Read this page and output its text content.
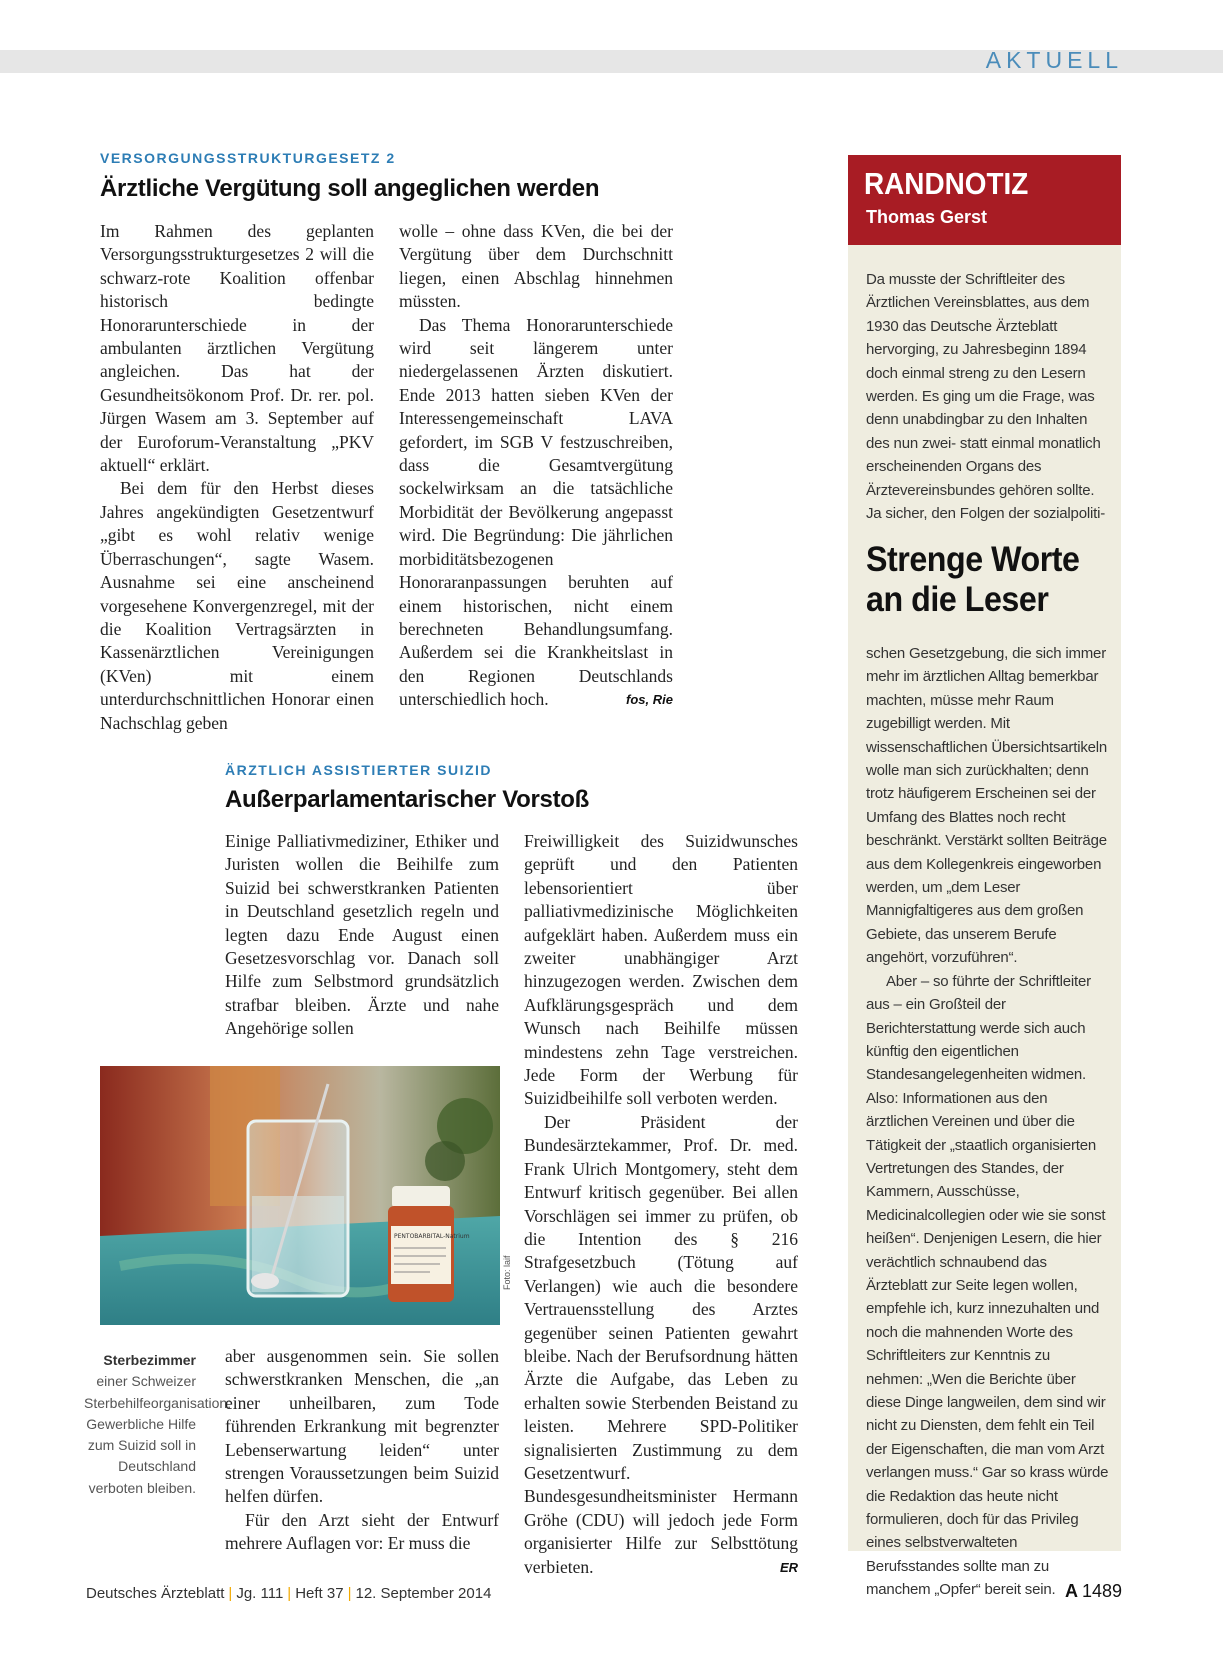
AKTUELL
VERSORGUNGSSTRUKTURGESETZ 2
Ärztliche Vergütung soll angeglichen werden

Im Rahmen des geplanten Versorgungsstrukturgesetzes 2 will die schwarz-rote Koalition offenbar historisch bedingte Honorarunterschiede in der ambulanten ärztlichen Vergütung angleichen. Das hat der Gesundheitsökonom Prof. Dr. rer. pol. Jürgen Wasem am 3. September auf der Euroforum-Veranstaltung „PKV aktuell“ erklärt.

Bei dem für den Herbst dieses Jahres angekündigten Gesetzentwurf „gibt es wohl relativ wenige Überraschungen“, sagte Wasem. Ausnahme sei eine anscheinend vorgesehene Konvergenzregel, mit der die Koalition Vertragsärzten in Kassenärztlichen Vereinigungen (KVen) mit einem unterdurchschnittlichen Honorar einen Nachschlag geben

wolle – ohne dass KVen, die bei der Vergütung über dem Durchschnitt liegen, einen Abschlag hinnehmen müssten.

Das Thema Honorarunterschiede wird seit längerem unter niedergelassenen Ärzten diskutiert. Ende 2013 hatten sieben KVen der Interessengemeinschaft LAVA gefordert, im SGB V festzuschreiben, dass die Gesamtvergütung sockelwirksam an die tatsächliche Morbidität der Bevölkerung angepasst wird. Die Begründung: Die jährlichen morbiditätsbezogenen Honoraranpassungen beruhten auf einem historischen, nicht einem berechneten Behandlungsumfang. Außerdem sei die Krankheitslast in den Regionen Deutschlands unterschiedlich hoch.	fos, Rie

ÄRZTLICH ASSISTIERTER SUIZID
Außerparlamentarischer Vorstoß

Einige Palliativmediziner, Ethiker und Juristen wollen die Beihilfe zum Suizid bei schwerstkranken Patienten in Deutschland gesetzlich regeln und legten dazu Ende August einen Gesetzesvorschlag vor. Danach soll Hilfe zum Selbstmord grundsätzlich strafbar bleiben. Ärzte und nahe Angehörige sollen

PENTOBARBITAL-Natrium
Foto: laif
Sterbezimmer
einer Schweizer Sterbehilfeorganisation: Gewerbliche Hilfe zum Suizid soll in Deutschland verboten bleiben.

aber ausgenommen sein. Sie sollen schwerstkranken Menschen, die „an einer unheilbaren, zum Tode führenden Erkrankung mit begrenzter Lebenserwartung leiden“ unter strengen Voraussetzungen beim Suizid helfen dürfen.

Für den Arzt sieht der Entwurf mehrere Auflagen vor: Er muss die

Freiwilligkeit des Suizidwunsches geprüft und den Patienten lebensorientiert über palliativmedizinische Möglichkeiten aufgeklärt haben. Außerdem muss ein zweiter unabhängiger Arzt hinzugezogen werden. Zwischen dem Aufklärungsgespräch und dem Wunsch nach Beihilfe müssen mindestens zehn Tage verstreichen. Jede Form der Werbung für Suizidbeihilfe soll verboten werden.

Der Präsident der Bundesärztekammer, Prof. Dr. med. Frank Ulrich Montgomery, steht dem Entwurf kritisch gegenüber. Bei allen Vorschlägen sei immer zu prüfen, ob die Intention des § 216 Strafgesetzbuch (Tötung auf Verlangen) wie auch die besondere Vertrauensstellung des Arztes gegenüber seinen Patienten gewahrt bleibe. Nach der Berufsordnung hätten Ärzte die Aufgabe, das Leben zu erhalten sowie Sterbenden Beistand zu leisten. Mehrere SPD-Politiker signalisierten Zustimmung zu dem Gesetzentwurf. Bundesgesundheitsminister Hermann Gröhe (CDU) will jedoch jede Form organisierter Hilfe zur Selbsttötung verbieten.	ER

RANDNOTIZ
Thomas Gerst

Da musste der Schriftleiter des Ärztlichen Vereinsblattes, aus dem 1930 das Deutsche Ärzteblatt hervorging, zu Jahresbeginn 1894 doch einmal streng zu den Lesern werden. Es ging um die Frage, was denn unabdingbar zu den Inhalten des nun zwei- statt einmal monatlich erscheinenden Organs des Ärztevereinsbundes gehören sollte. Ja sicher, den Folgen der sozialpoliti-

Strenge Worte an die Leser

schen Gesetzgebung, die sich immer mehr im ärztlichen Alltag bemerkbar machten, müsse mehr Raum zugebilligt werden. Mit wissenschaftlichen Übersichtsartikeln wolle man sich zurückhalten; denn trotz häufigerem Erscheinen sei der Umfang des Blattes noch recht beschränkt. Verstärkt sollten Beiträge aus dem Kollegenkreis eingeworben werden, um „dem Leser Mannigfaltigeres aus dem großen Gebiete, das unserem Berufe angehört, vorzuführen“.

Aber – so führte der Schriftleiter aus – ein Großteil der Berichterstattung werde sich auch künftig den eigentlichen Standesangelegenheiten widmen. Also: Informationen aus den ärztlichen Vereinen und über die Tätigkeit der „staatlich organisierten Vertretungen des Standes, der Kammern, Ausschüsse, Medicinalcollegien oder wie sie sonst heißen“. Denjenigen Lesern, die hier verächtlich schnaubend das Ärzteblatt zur Seite legen wollen, empfehle ich, kurz innezuhalten und noch die mahnenden Worte des Schriftleiters zur Kenntnis zu nehmen: „Wen die Berichte über diese Dinge langweilen, dem sind wir nicht zu Diensten, dem fehlt ein Teil der Eigenschaften, die man vom Arzt verlangen muss.“ Gar so krass würde die Redaktion das heute nicht formulieren, doch für das Privileg eines selbstverwalteten Berufsstandes sollte man zu manchem „Opfer“ bereit sein.

Deutsches Ärzteblatt | Jg. 111 | Heft 37 | 12. September 2014	A 1489
